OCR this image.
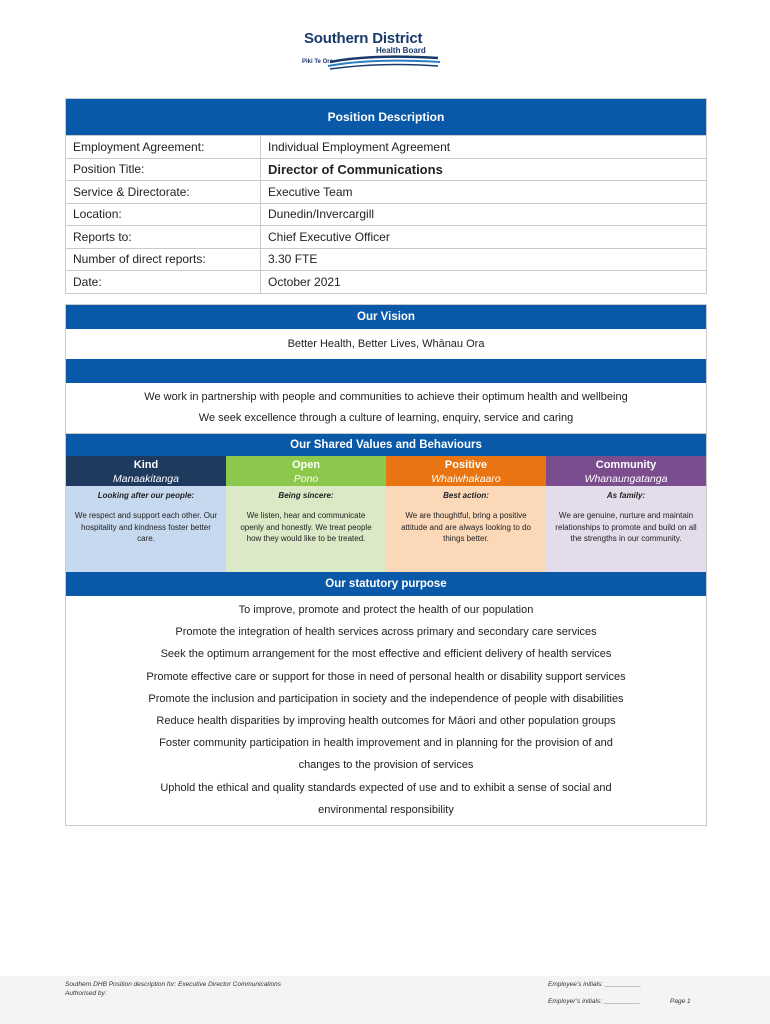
Southern District
Health Board
Piki Te Ora
Position Description	
Employment Agreement:	Individual Employment Agreement
Position Title:	Director of Communications
Service & Directorate:	Executive Team
Location:	Dunedin/Invercargill
Reports to:	Chief Executive Officer
Number of direct reports:	3.30 FTE
Date:	October 2021
Our Vision
Better Health, Better Lives, Whānau Ora
We work in partnership with people and communities to achieve their optimum health and wellbeing
We seek excellence through a culture of learning, enquiry, service and caring
Our Shared Values and Behaviours
Kind
Manaakitanga
Looking after our people:
We respect and support each other. Our hospitality and kindness foster better care.
Open
Pono
Being sincere:
We listen, hear and communicate openly and honestly. We treat people how they would like to be treated.
Positive
Whaiwhakaaro
Best action:
We are thoughtful, bring a positive attitude and are always looking to do things better.
Community
Whanaungatanga
As family:
We are genuine, nurture and maintain relationships to promote and build on all the strengths in our community.
Our statutory purpose
To improve, promote and protect the health of our population
Promote the integration of health services across primary and secondary care services
Seek the optimum arrangement for the most effective and efficient delivery of health services
Promote effective care or support for those in need of personal health or disability support services
Promote the inclusion and participation in society and the independence of people with disabilities
Reduce health disparities by improving health outcomes for Māori and other population groups
Foster community participation in health improvement and in planning for the provision of and
changes to the provision of services
Uphold the ethical and quality standards expected of use and to exhibit a sense of social and
environmental responsibility
Southern DHB Position description for: Executive Director Communications
Authorised by:
Employee’s initials: __________
Employer’s initials: __________	Page 1
